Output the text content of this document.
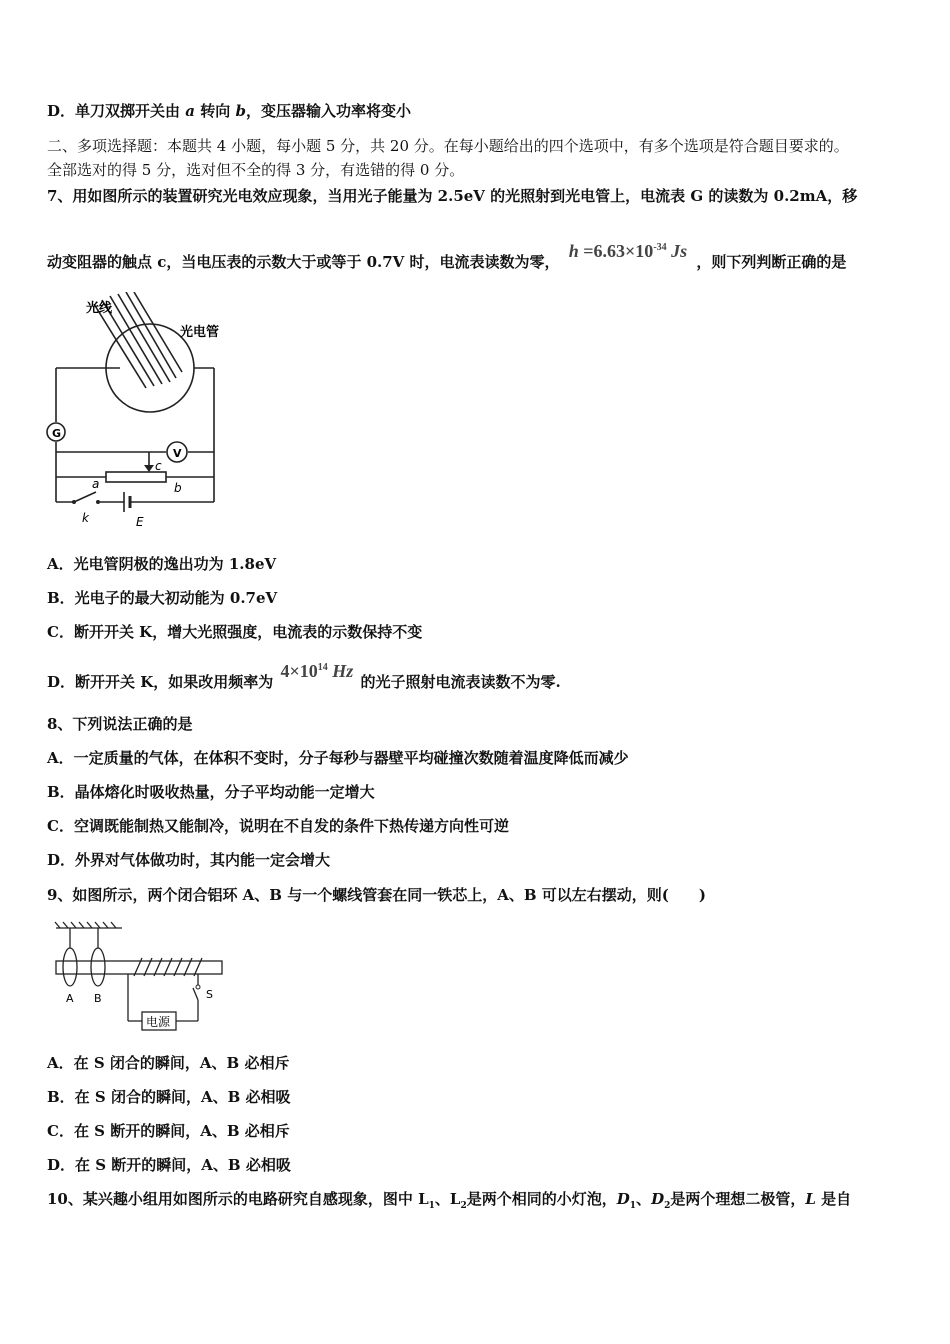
D．单刀双掷开关由 a 转向 b，变压器输入功率将变小
二、多项选择题：本题共 4 小题，每小题 5 分，共 20 分。在每小题给出的四个选项中，有多个选项是符合题目要求的。
全部选对的得 5 分，选对但不全的得 3 分，有选错的得 0 分。
7、用如图所示的装置研究光电效应现象，当用光子能量为 2.5eV 的光照射到光电管上，电流表 G 的读数为 0.2mA，移
动变阻器的触点 c，当电压表的示数大于或等于 0.7V 时，电流表读数为零， $h =6.63\times 10^{-34}$ Js ，则下列判断正确的是
光线
光电管
G
V
c
a	b
k	E
A．光电管阴极的逸出功为 1.8eV
B．光电子的最大初动能为 0.7eV
C．断开开关 K，增大光照强度，电流表的示数保持不变
D．断开开关 K，如果改用频率为 $4\times 10^{14}$ Hz 的光子照射电流表读数不为零.
8、下列说法正确的是
A．一定质量的气体，在体积不变时，分子每秒与器壁平均碰撞次数随着温度降低而减少
B．晶体熔化时吸收热量，分子平均动能一定增大
C．空调既能制热又能制冷，说明在不自发的条件下热传递方向性可逆
D．外界对气体做功时，其内能一定会增大
9、如图所示，两个闭合铝环 A、B 与一个螺线管套在同一铁芯上，A、B 可以左右摆动，则(　　)
A B	S
电源
A．在 S 闭合的瞬间，A、B 必相斥
B．在 S 闭合的瞬间，A、B 必相吸
C．在 S 断开的瞬间，A、B 必相斥
D．在 S 断开的瞬间，A、B 必相吸
10、某兴趣小组用如图所示的电路研究自感现象，图中 $L_1$、$L_2$是两个相同的小灯泡，$D_1$、$D_2$是两个理想二极管，L 是自
